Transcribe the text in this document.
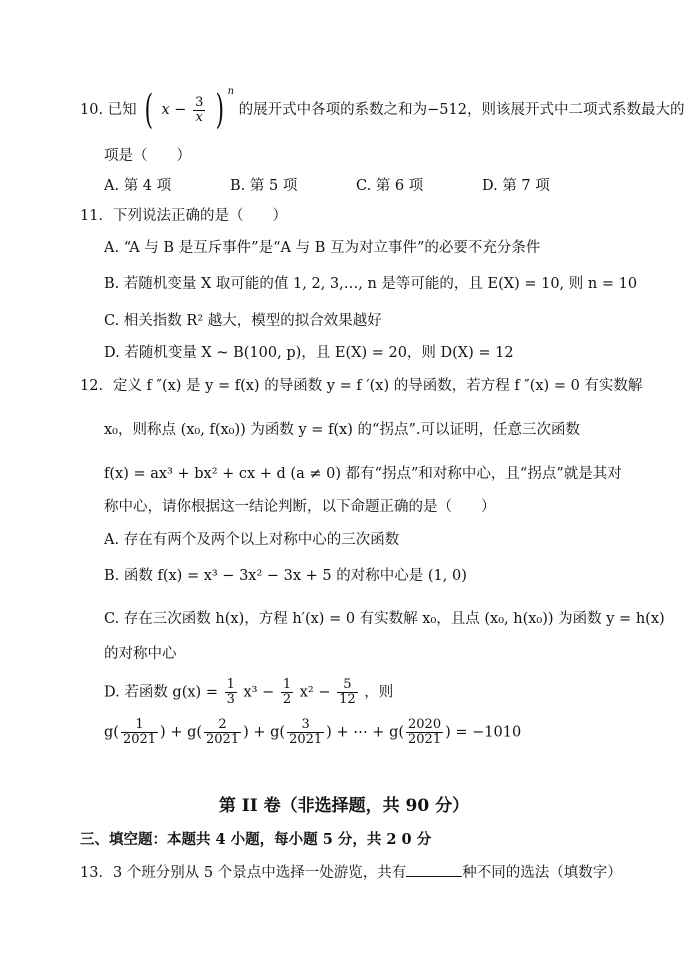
10. 已知 ( $x - \frac{3}{x}$ ) $^n$ 的展开式中各项的系数之和为−512，则该展开式中二项式系数最大的
项是（　　）
A. 第 4 项	B. 第 5 项	C. 第 6 项	D. 第 7 项
11．下列说法正确的是（　　）
A. “A 与 B 是互斥事件”是“A 与 B 互为对立事件”的必要不充分条件
B. 若随机变量 X 取可能的值 1, 2, 3,…, n 是等可能的，且 E(X) = 10, 则 n = 10
C. 相关指数 R² 越大，模型的拟合效果越好
D. 若随机变量 X ~ B(100, p)，且 E(X) = 20，则 D(X) = 12
12．定义 f ″(x) 是 y = f(x) 的导函数 y = f ′(x) 的导函数，若方程 f ″(x) = 0 有实数解
x₀，则称点 (x₀, f(x₀)) 为函数 y = f(x) 的“拐点”.可以证明，任意三次函数
f(x) = ax³ + bx² + cx + d (a ≠ 0) 都有“拐点”和对称中心，且“拐点”就是其对
称中心，请你根据这一结论判断，以下命题正确的是（　　）
A. 存在有两个及两个以上对称中心的三次函数
B. 函数 f(x) = x³ − 3x² − 3x + 5 的对称中心是 (1, 0)
C. 存在三次函数 h(x)，方程 h′(x) = 0 有实数解 x₀，且点 (x₀, h(x₀)) 为函数 y = h(x)
的对称中心
D. 若函数 $g(x) = \frac{1}{3} x^3 - \frac{1}{2} x^2 - \frac{5}{12}$ ，则
$g( \frac{1}{2021}$ ) + $g( \frac{2}{2021}$ ) + $g( \frac{3}{2021}$ ) + ⋯ + $g( \frac{2020}{2021}$ ) = −1010
第 II 卷（非选择题，共 90 分）
三、填空题：本题共 4 小题，每小题 5 分，共 2 0 分
13．3 个班分别从 5 个景点中选择一处游览，共有	种不同的选法（填数字）
